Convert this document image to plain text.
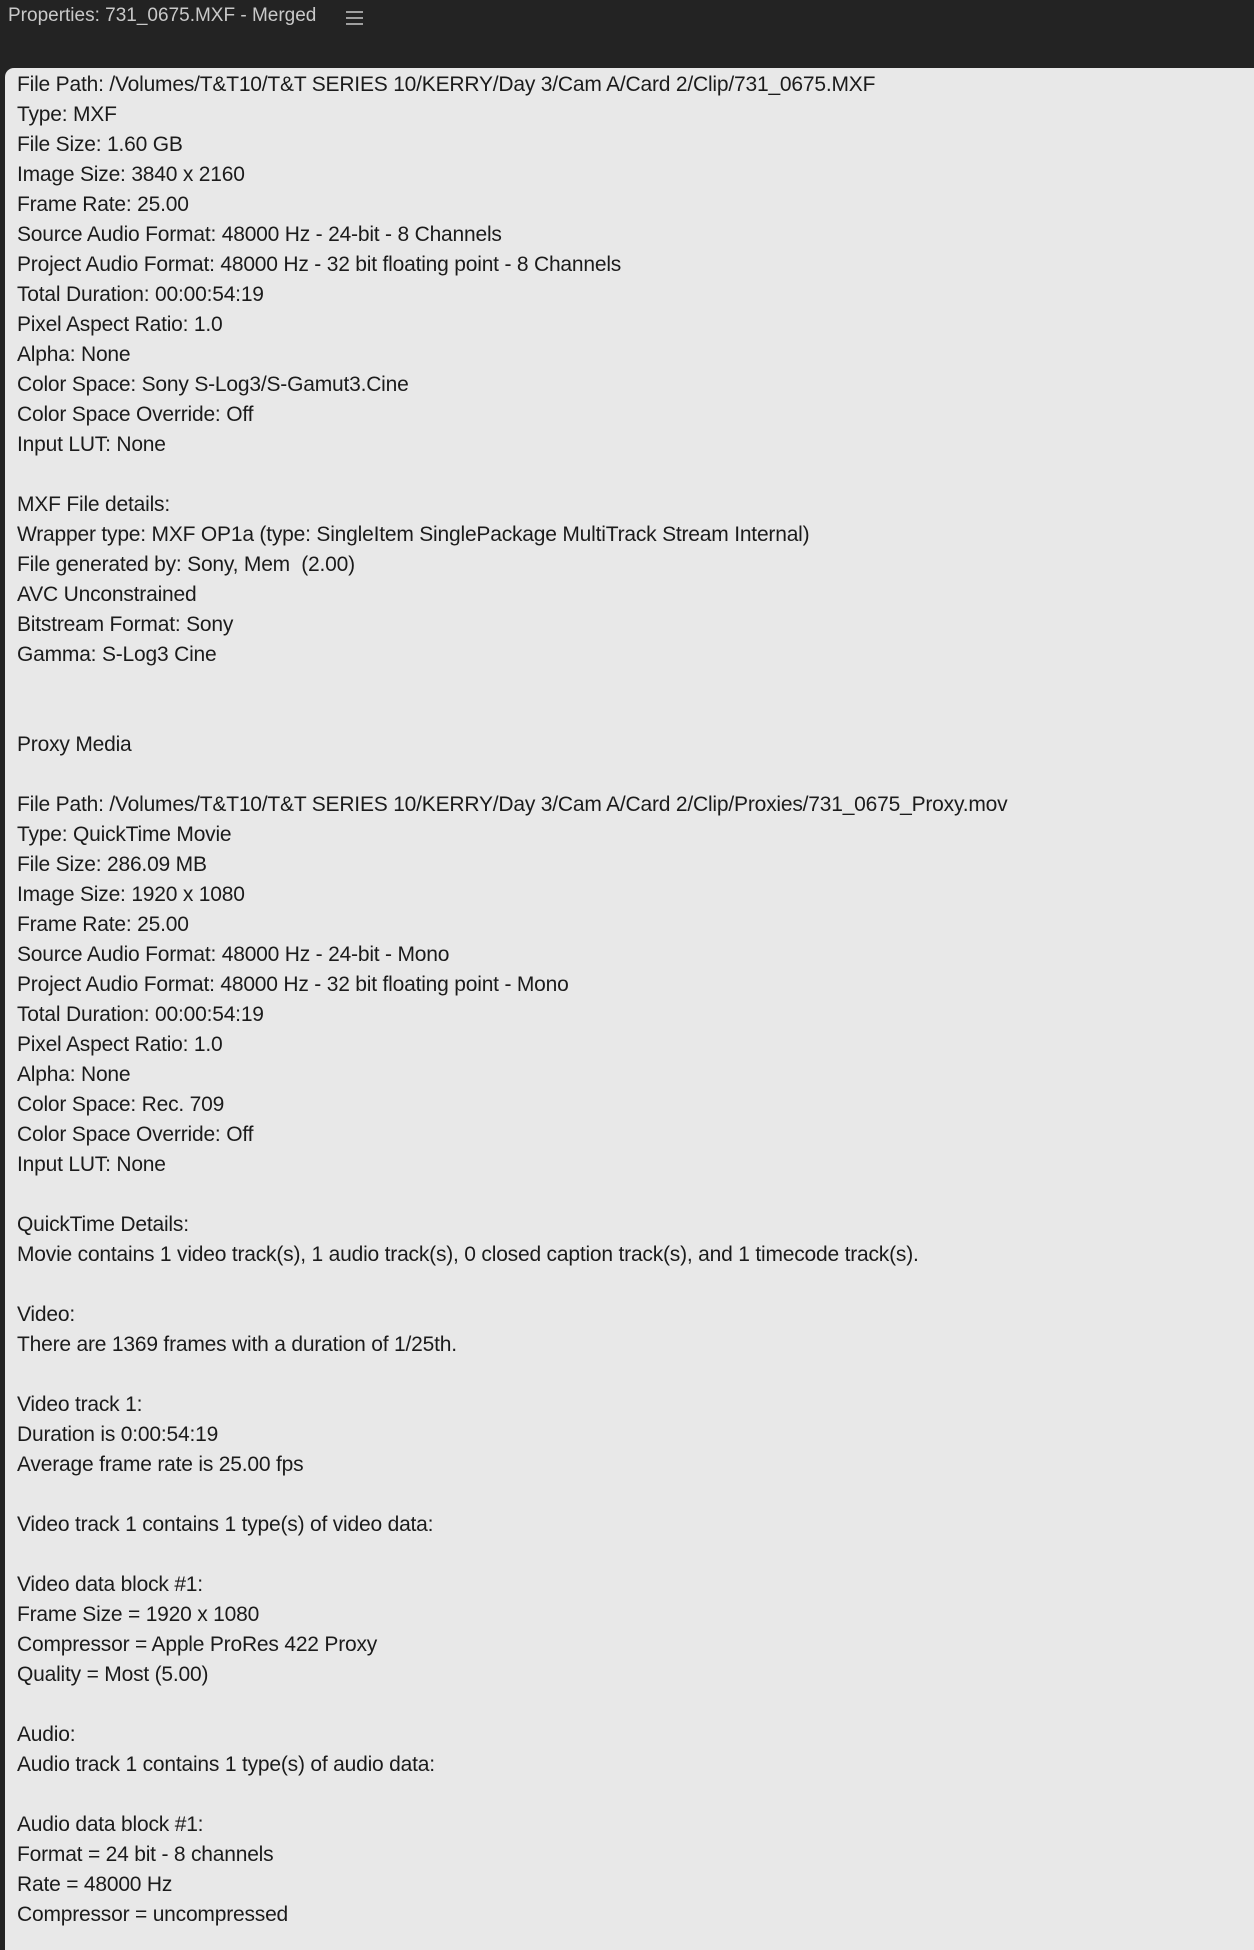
Properties: 731_0675.MXF - Merged
File Path: /Volumes/T&T10/T&T SERIES 10/KERRY/Day 3/Cam A/Card 2/Clip/731_0675.MXF
Type: MXF
File Size: 1.60 GB
Image Size: 3840 x 2160
Frame Rate: 25.00
Source Audio Format: 48000 Hz - 24-bit - 8 Channels
Project Audio Format: 48000 Hz - 32 bit floating point - 8 Channels
Total Duration: 00:00:54:19
Pixel Aspect Ratio: 1.0
Alpha: None
Color Space: Sony S-Log3/S-Gamut3.Cine
Color Space Override: Off
Input LUT: None
MXF File details:
Wrapper type: MXF OP1a (type: SingleItem SinglePackage MultiTrack Stream Internal)
File generated by: Sony, Mem  (2.00)
AVC Unconstrained
Bitstream Format: Sony
Gamma: S-Log3 Cine
Proxy Media
File Path: /Volumes/T&T10/T&T SERIES 10/KERRY/Day 3/Cam A/Card 2/Clip/Proxies/731_0675_Proxy.mov
Type: QuickTime Movie
File Size: 286.09 MB
Image Size: 1920 x 1080
Frame Rate: 25.00
Source Audio Format: 48000 Hz - 24-bit - Mono
Project Audio Format: 48000 Hz - 32 bit floating point - Mono
Total Duration: 00:00:54:19
Pixel Aspect Ratio: 1.0
Alpha: None
Color Space: Rec. 709
Color Space Override: Off
Input LUT: None
QuickTime Details:
Movie contains 1 video track(s), 1 audio track(s), 0 closed caption track(s), and 1 timecode track(s).
Video:
There are 1369 frames with a duration of 1/25th.
Video track 1:
Duration is 0:00:54:19
Average frame rate is 25.00 fps
Video track 1 contains 1 type(s) of video data:
Video data block #1:
Frame Size = 1920 x 1080
Compressor = Apple ProRes 422 Proxy
Quality = Most (5.00)
Audio:
Audio track 1 contains 1 type(s) of audio data:
Audio data block #1:
Format = 24 bit - 8 channels
Rate = 48000 Hz
Compressor = uncompressed
